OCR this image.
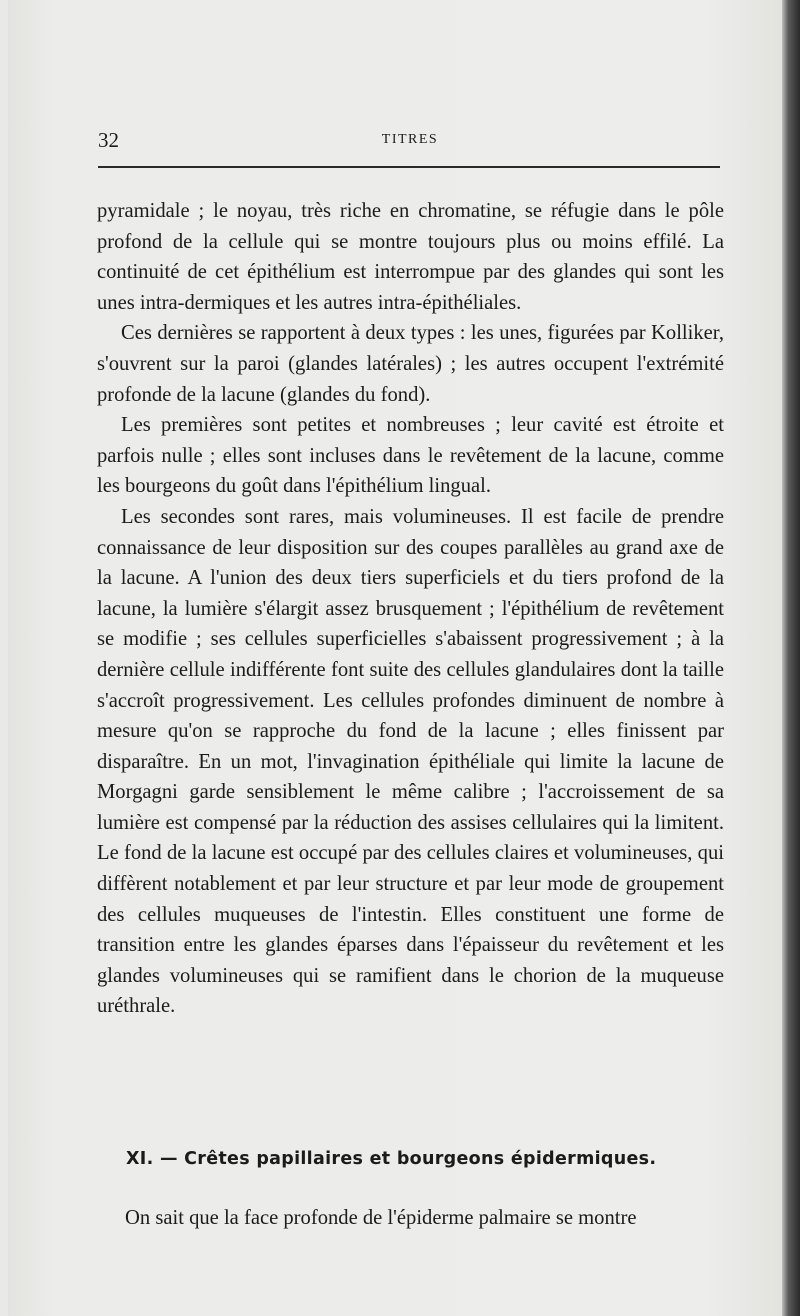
32	TITRES

pyramidale ; le noyau, très riche en chromatine, se réfugie dans le pôle profond de la cellule qui se montre toujours plus ou moins effilé. La continuité de cet épithélium est interrompue par des glandes qui sont les unes intra-dermiques et les autres intra-épithéliales.

Ces dernières se rapportent à deux types : les unes, figurées par Kolliker, s'ouvrent sur la paroi (glandes latérales) ; les autres occupent l'extrémité profonde de la lacune (glandes du fond).

Les premières sont petites et nombreuses ; leur cavité est étroite et parfois nulle ; elles sont incluses dans le revêtement de la lacune, comme les bourgeons du goût dans l'épithélium lingual.

Les secondes sont rares, mais volumineuses. Il est facile de prendre connaissance de leur disposition sur des coupes parallèles au grand axe de la lacune. A l'union des deux tiers superficiels et du tiers profond de la lacune, la lumière s'élargit assez brusquement ; l'épithélium de revêtement se modifie ; ses cellules superficielles s'abaissent progressivement ; à la dernière cellule indifférente font suite des cellules glandulaires dont la taille s'accroît progressivement. Les cellules profondes diminuent de nombre à mesure qu'on se rapproche du fond de la lacune ; elles finissent par disparaître. En un mot, l'invagination épithéliale qui limite la lacune de Morgagni garde sensiblement le même calibre ; l'accroissement de sa lumière est compensé par la réduction des assises cellulaires qui la limitent. Le fond de la lacune est occupé par des cellules claires et volumineuses, qui diffèrent notablement et par leur structure et par leur mode de groupement des cellules muqueuses de l'intestin. Elles constituent une forme de transition entre les glandes éparses dans l'épaisseur du revêtement et les glandes volumineuses qui se ramifient dans le chorion de la muqueuse uréthrale.

XI. — Crêtes papillaires et bourgeons épidermiques.
On sait que la face profonde de l'épiderme palmaire se montre
